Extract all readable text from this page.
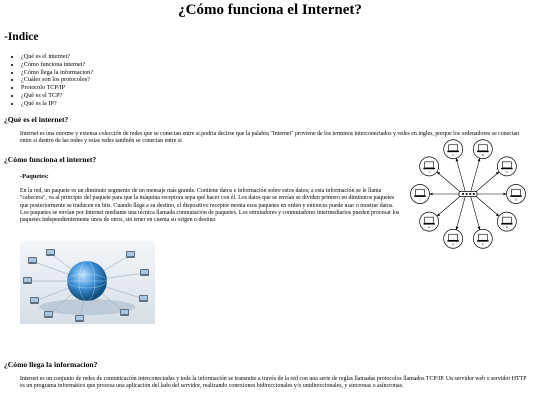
¿Cómo funciona el Internet?
-Indice
• ¿Qué es el internet?
• ¿Cómo funciona internet?
• ¿Cómo llega la informacion?
• ¿Cuáles son los protocolos?
• Protocolo TCP/IP
• ¿Qué es el TCP?
• ¿Qué es la IP?
¿Qué es el internet?

Internet es una enorme y extensa colección de redes que se conectan entre si.podria decirse que la palabra "Internet" proviene de los terminos interconectados y redes en ingles, porque los ordenadores se conectan entre si dentro de las redes y estas redes también se conectan entre si

¿Cómo funciona el internet?
-Paquetes:

En la red, un paquete es un diminuto segmento de un mensaje más grande. Contiene datos e información sobre estos datos; a esta información se le llama "cabecera", va al principio del paquete para que la máquina receptora sepa qué hacer con él. Los datos que se envían se dividen primero en diminutos paquetes que posteriormente se traducen en bits. Cuando llega a su destino, el dispositivo receptor monta esos paquetes en orden y entonces puede usar o mostrar datos. Los paquetes se envían por Internet mediante una técnica llamada conmutación de paquetes. Los enrutadores y conmutadores intermediarios pueden procesar los paquetes independientemente unos de otros, sin tener en cuenta su origen o destino

¿Cómo llega la informacion?

Internet es un conjunto de redes de comunicación interconectadas y toda la información se transmite a través de la red con una serie de reglas llamadas protocolos llamados TCP/IP. Un servidor web o servidor HTTP es un programa informático que procesa una aplicación del lado del servidor, realizando conexiones bidireccionales y/o unidireccionales, y síncronas o asíncronas.

A	B
C
D
E
F
G
H
I
J
